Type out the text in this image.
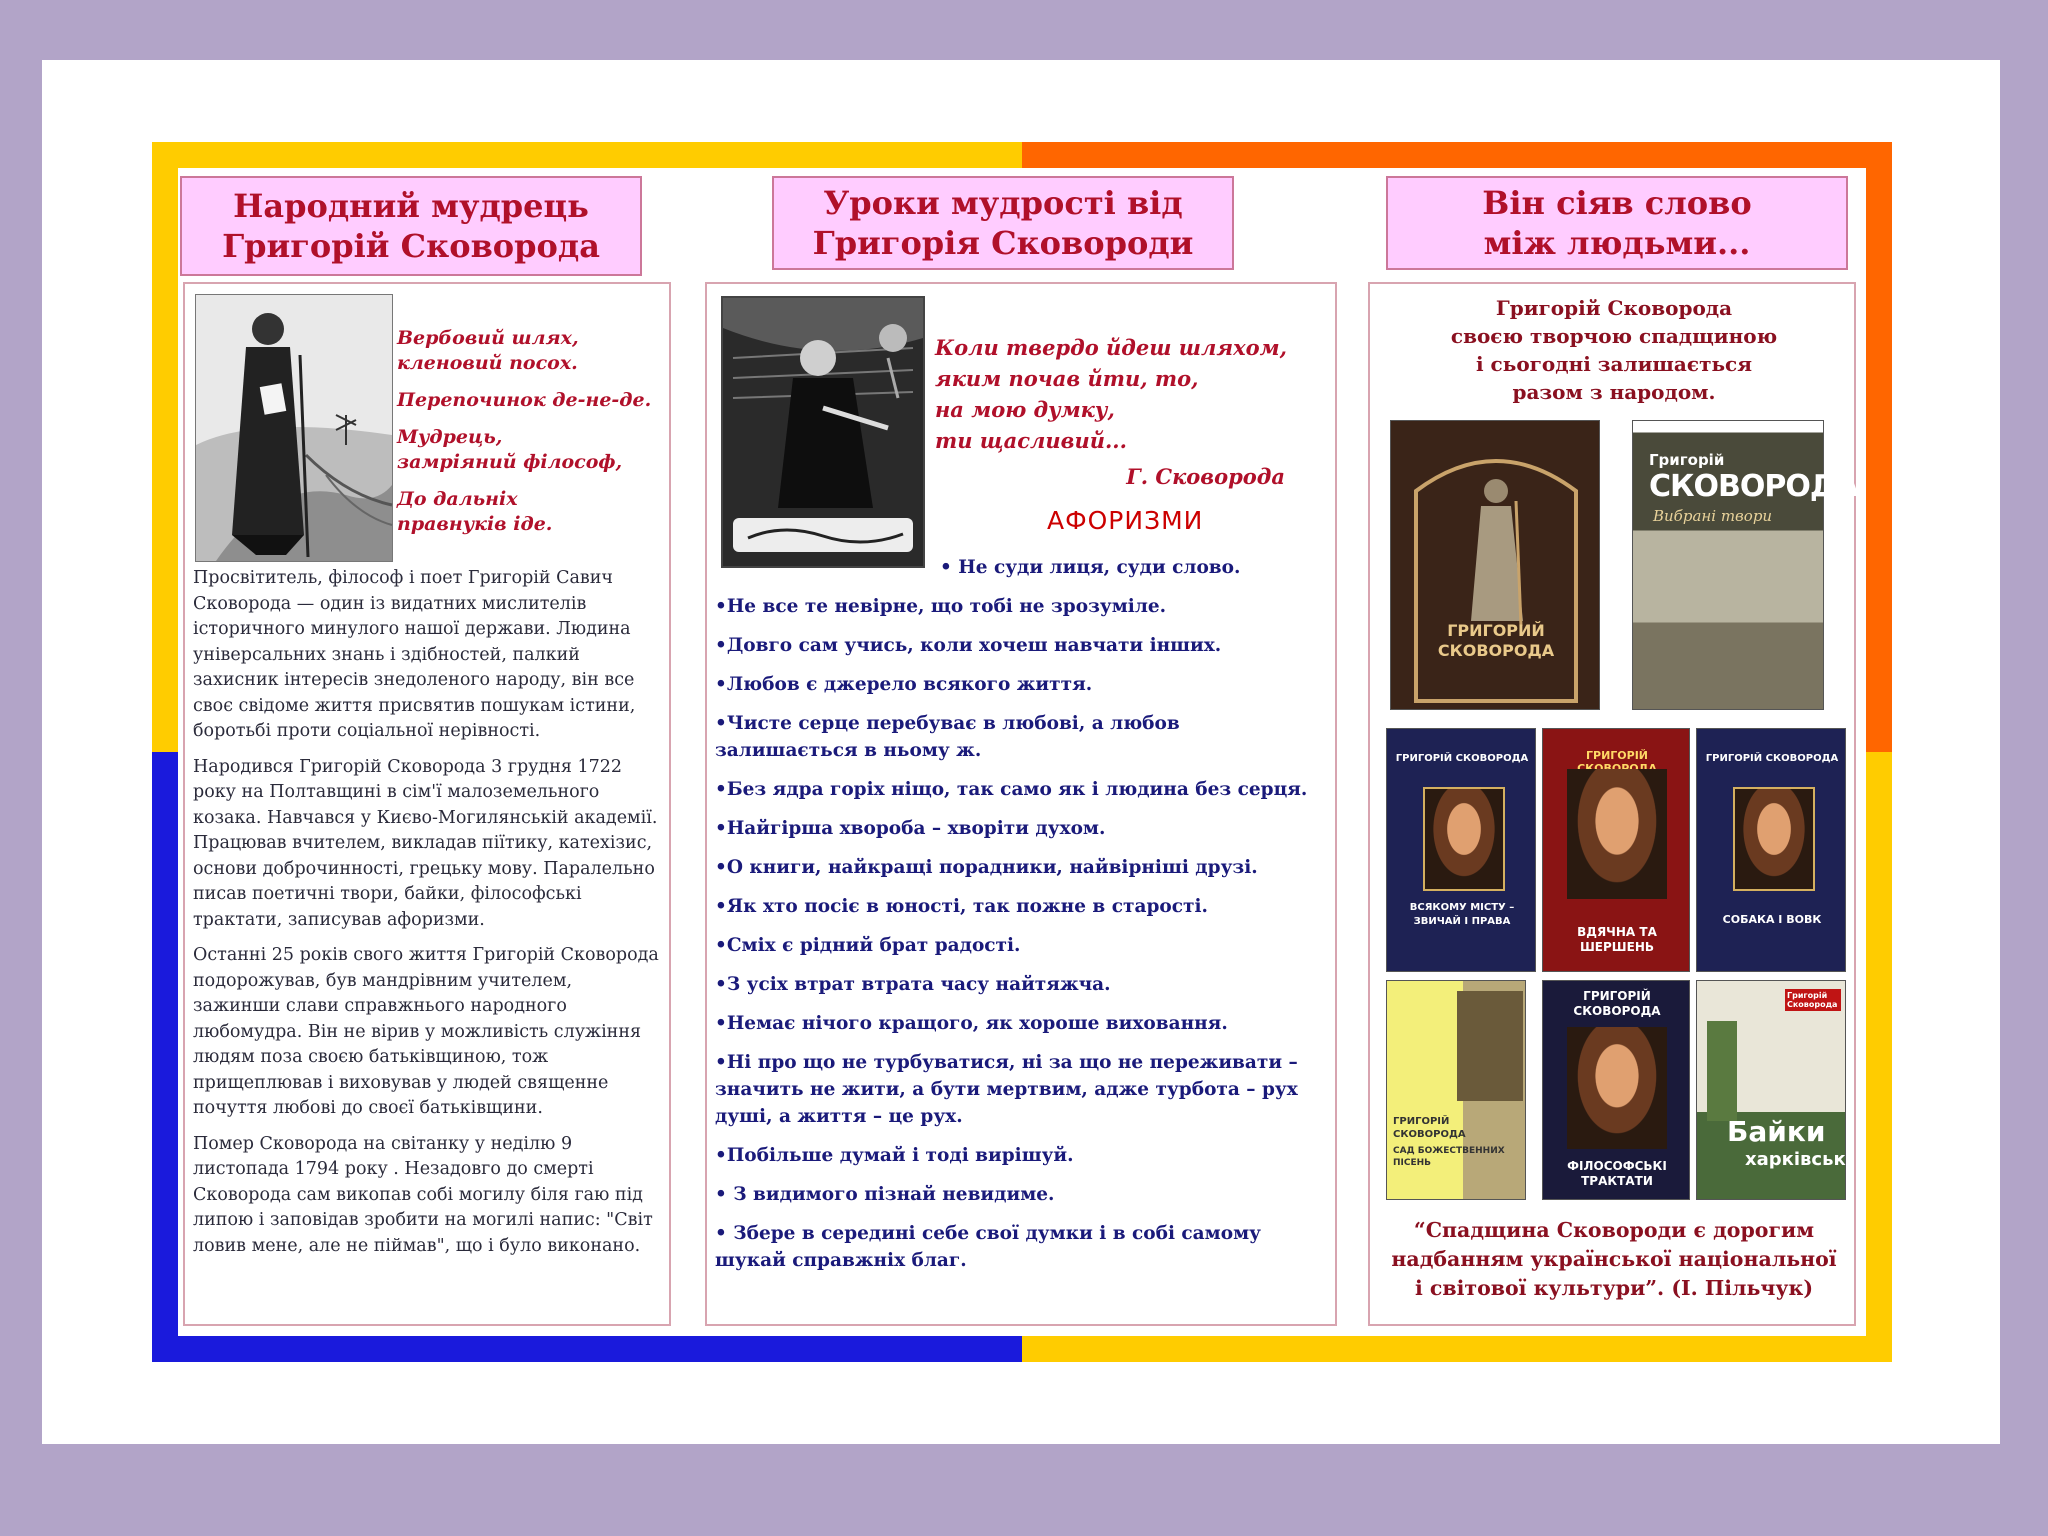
Народний мудрець
Григорій Сковорода
Уроки мудрості від
Григорія Сковороди
Він сіяв слово
між людьми...

Вербовий шлях,
кленовий посох.

Перепочинок де-не-де.

Мудрець,
замріяний філософ,

До дальніх
правнуків іде.

Просвітитель, філософ і поет Григорій Савич Сковорода — один із видатних мислителів історичного минулого нашої держави. Людина універсальних знань і здібностей, палкий захисник інтересів знедоленого народу, він все своє свідоме життя присвятив пошукам істини, боротьбі проти соціальної нерівності.

Народився Григорій Сковорода 3 грудня 1722 року на Полтавщині в сім'ї малоземельного козака. Навчався у Києво-Могилянській академії. Працював вчителем, викладав піїтику, катехізис, основи доброчинності, грецьку мову. Паралельно писав поетичні твори, байки, філософські трактати, записував афоризми.

Останні 25 років свого життя Григорій Сковорода подорожував, був мандрівним учителем, зажинши слави справжнього народного любомудра. Він не вірив у можливість служіння людям поза своєю батьківщиною, тож прищеплював і виховував у людей священне почуття любові до своєї батьківщини.

Помер Сковорода на світанку у неділю 9 листопада 1794 року . Незадовго до смерті Сковорода сам викопав собі могилу біля гаю під липою і заповідав зробити на могилі напис: "Світ ловив мене, але не піймав", що і було виконано.

Коли твердо йдеш шляхом,
яким почав йти, то,
на мою думку,
ти щасливий...
Г. Сковорода
АФОРИЗМИ
• Не суди лиця, суди слово.
•Не все те невірне, що тобі не зрозуміле.
•Довго сам учись, коли хочеш навчати інших.
•Любов є джерело всякого життя.
•Чисте серце перебуває в любові, а любов залишається в ньому ж.
•Без ядра горіх ніщо, так само як і людина без серця.
•Найгірша хвороба – хворіти духом.
•О книги, найкращі порадники, найвірніші друзі.
•Як хто посіє в юності, так пожне в старості.
•Сміх є рідний брат радості.
•З усіх втрат втрата часу найтяжча.
•Немає нічого кращого, як хороше виховання.
•Ні про що не турбуватися, ні за що не переживати – значить не жити, а бути мертвим, адже турбота – рух душі, а життя – це рух.
•Побільше думай і тоді вирішуй.
• З видимого пізнай невидиме.
• Збере в середині себе свої думки і в собі самому шукай справжніх благ.
Григорій Сковорода
своєю творчою спадщиною
і сьогодні залишається
разом з народом.
ГРИГОРИЙ СКОВОРОДА
Григорій
СКОВОРОДА
Вибрані твори
ГРИГОРІЙ СКОВОРОДА
ВСЯКОМУ МІСТУ – ЗВИЧАЙ І ПРАВА
ГРИГОРІЙ
ВДЯЧНА ТА ШЕРШЕНЬ
ГРИГОРІЙ СКОВОРОДА
СОБАКА І ВОВК
ГРИГОРІЙ СКОВОРОДА
САД БОЖЕСТВЕННИХ ПІСЕНЬ
ГРИГОРІЙ СКОВОРОДА
ФІЛОСОФСЬКІ ТРАКТАТИ
Григорій Сковорода
Байки
харківські
“Спадщина Сковороди є дорогим
надбанням української національної
і світової культури”. (І. Пільчук)
